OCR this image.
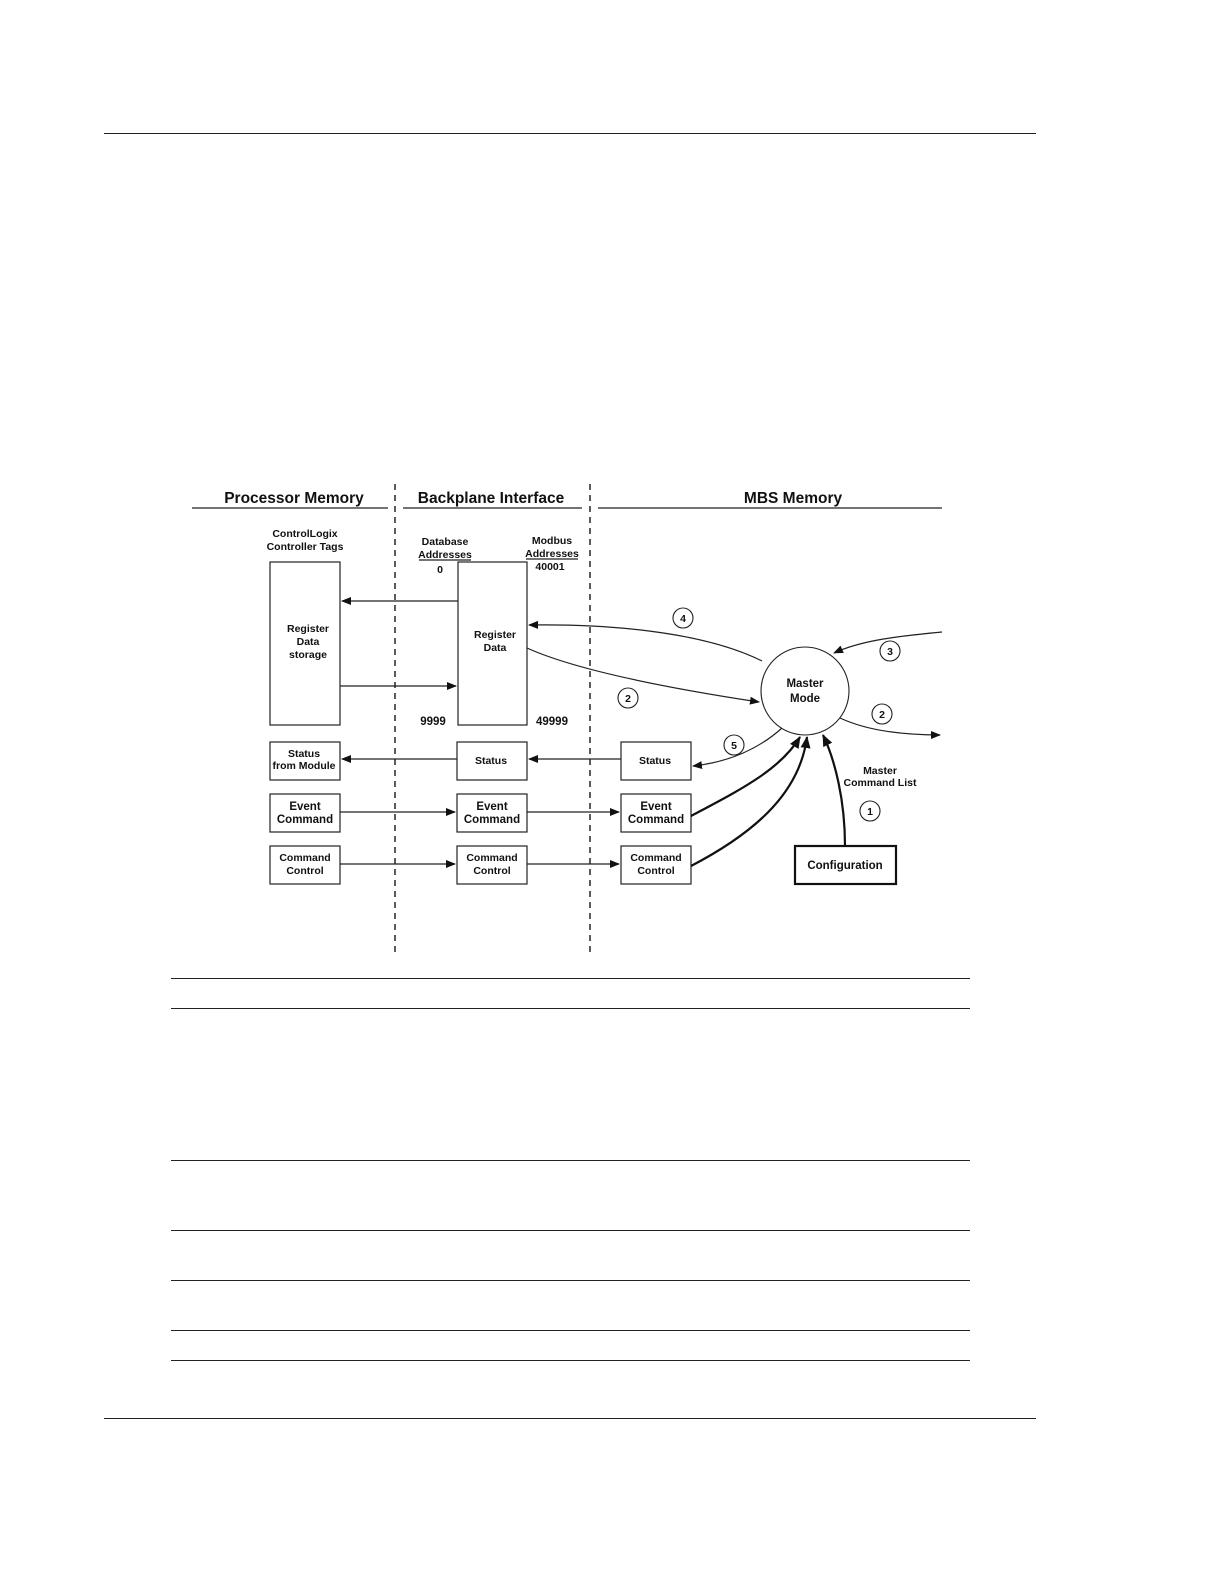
Processor Memory	Backplane Interface	MBS Memory
ControlLogix
Controller Tags	Database
Addresses
Modbus
Addresses
0	40001
9999	49999
Register
Data
storage
Register
Data
Status
from Module	Status	Status
Event
Command
Event
Command
Event
Command
Command
Control
Command
Control
Command
Control
Master
Mode
Configuration
Master
Command List
4
2
3
2
5
1
